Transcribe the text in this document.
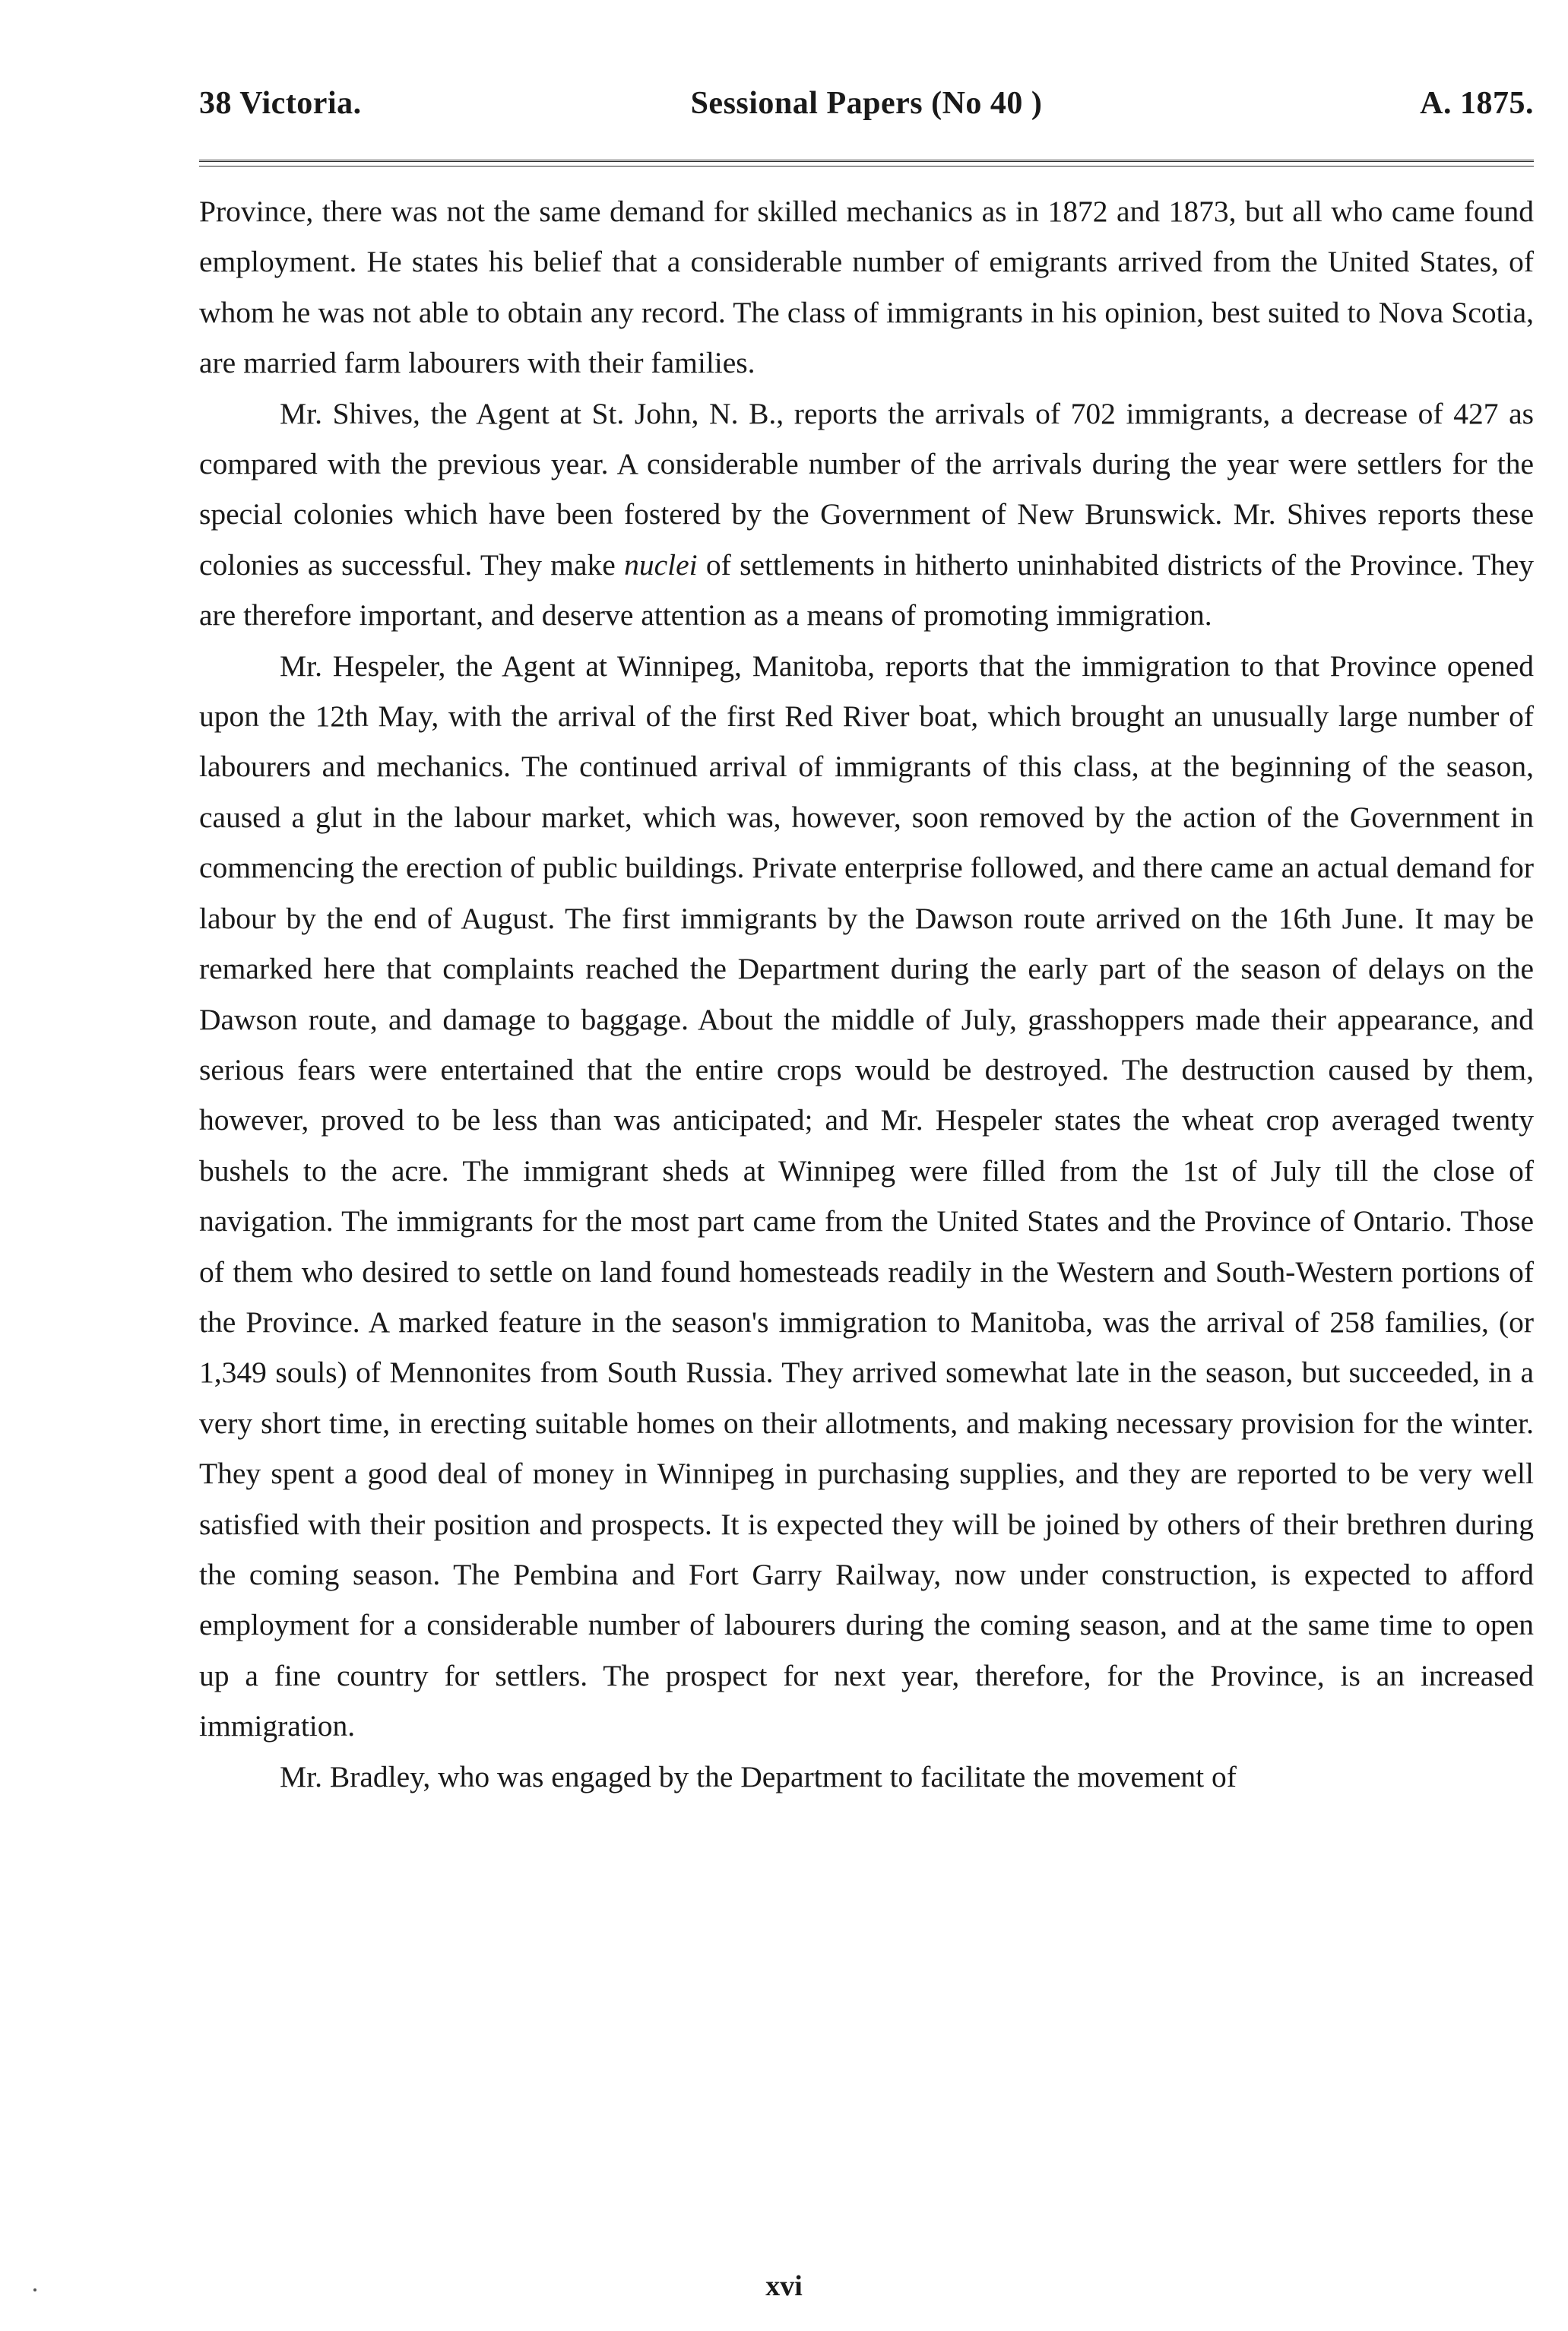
38 Victoria.	Sessional Papers (No 40 )	A. 1875.

Province, there was not the same demand for skilled mechanics as in 1872 and 1873, but all who came found employment. He states his belief that a considerable number of emigrants arrived from the United States, of whom he was not able to obtain any record. The class of immigrants in his opinion, best suited to Nova Scotia, are married farm labourers with their families.

Mr. Shives, the Agent at St. John, N. B., reports the arrivals of 702 immigrants, a decrease of 427 as compared with the previous year. A considerable number of the arrivals during the year were settlers for the special colonies which have been fostered by the Government of New Brunswick. Mr. Shives reports these colonies as successful. They make nuclei of settlements in hitherto uninhabited districts of the Province. They are therefore important, and deserve attention as a means of promoting immigration.

Mr. Hespeler, the Agent at Winnipeg, Manitoba, reports that the immigration to that Province opened upon the 12th May, with the arrival of the first Red River boat, which brought an unusually large number of labourers and mechanics. The continued arrival of immigrants of this class, at the beginning of the season, caused a glut in the labour market, which was, however, soon removed by the action of the Government in commencing the erection of public buildings. Private enterprise followed, and there came an actual demand for labour by the end of August. The first immigrants by the Dawson route arrived on the 16th June. It may be remarked here that complaints reached the Department during the early part of the season of delays on the Dawson route, and damage to baggage. About the middle of July, grasshoppers made their appearance, and serious fears were entertained that the entire crops would be destroyed. The destruction caused by them, however, proved to be less than was anticipated; and Mr. Hespeler states the wheat crop averaged twenty bushels to the acre. The immigrant sheds at Winnipeg were filled from the 1st of July till the close of navigation. The immigrants for the most part came from the United States and the Province of Ontario. Those of them who desired to settle on land found homesteads readily in the Western and South-Western portions of the Province. A marked feature in the season's immigration to Manitoba, was the arrival of 258 families, (or 1,349 souls) of Mennonites from South Russia. They arrived somewhat late in the season, but succeeded, in a very short time, in erecting suitable homes on their allotments, and making necessary provision for the winter. They spent a good deal of money in Winnipeg in purchasing supplies, and they are reported to be very well satisfied with their position and prospects. It is expected they will be joined by others of their brethren during the coming season. The Pembina and Fort Garry Railway, now under construction, is expected to afford employment for a considerable number of labourers during the coming season, and at the same time to open up a fine country for settlers. The prospect for next year, therefore, for the Province, is an increased immigration.

Mr. Bradley, who was engaged by the Department to facilitate the movement of

xvi
